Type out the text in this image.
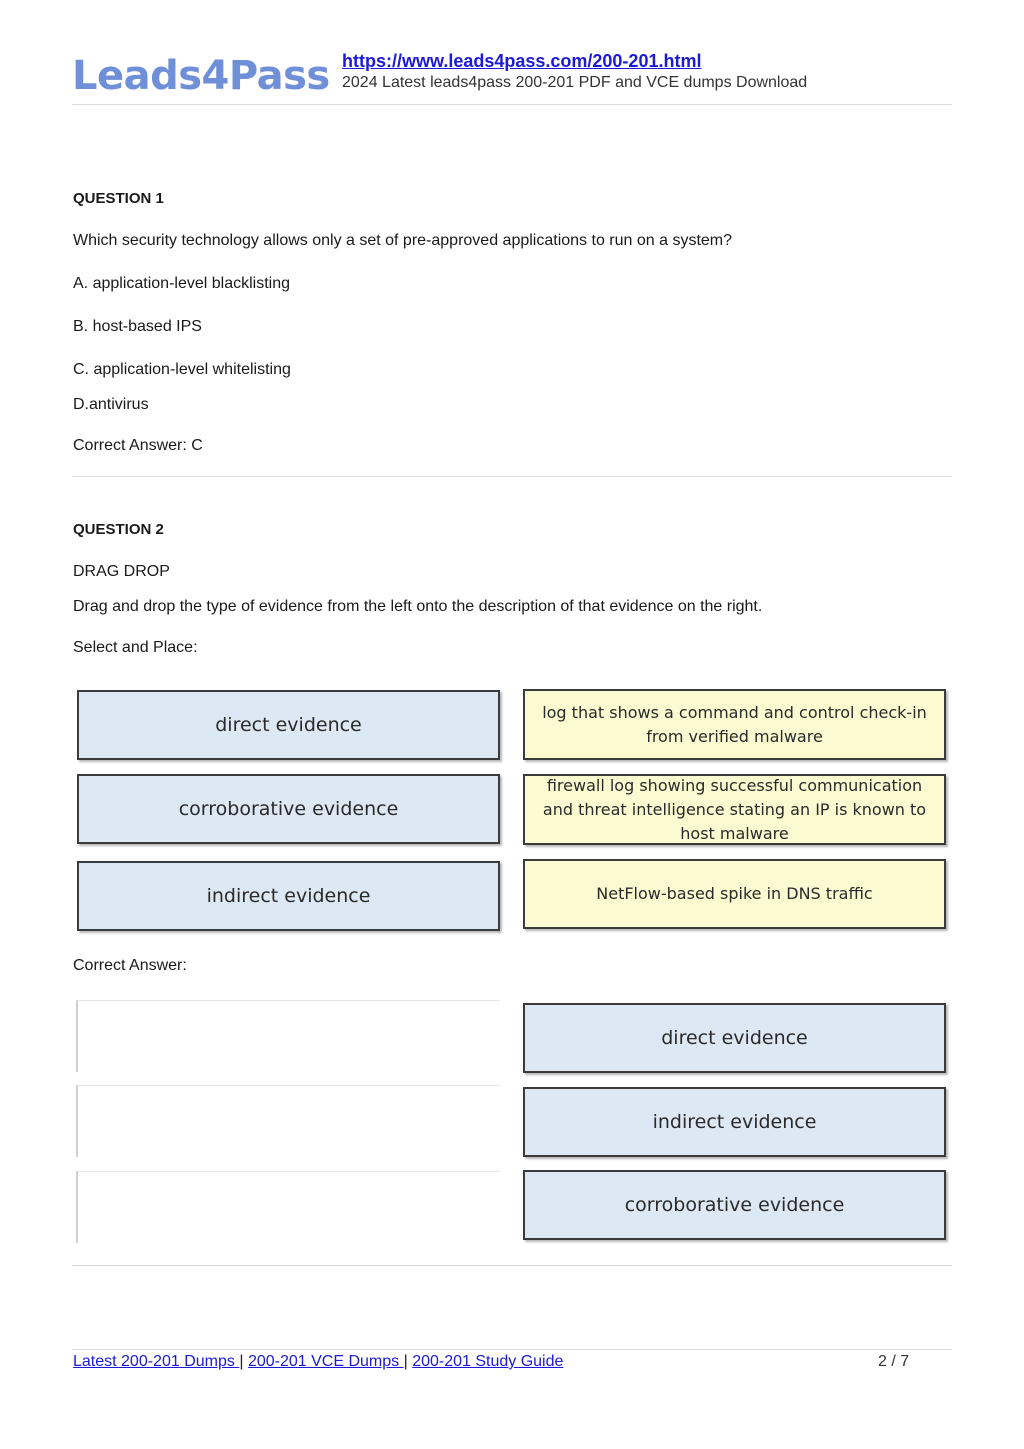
Leads4Pass https://www.leads4pass.com/200-201.html
2024 Latest leads4pass 200-201 PDF and VCE dumps Download
QUESTION 1
Which security technology allows only a set of pre-approved applications to run on a system?
A. application-level blacklisting
B. host-based IPS
C. application-level whitelisting
D.antivirus
Correct Answer: C
QUESTION 2
DRAG DROP
Drag and drop the type of evidence from the left onto the description of that evidence on the right.
Select and Place:
direct evidence
corroborative evidence
indirect evidence
log that shows a command and control check-in from verified malware
firewall log showing successful communication and threat intelligence stating an IP is known to host malware
NetFlow-based spike in DNS traffic
Correct Answer:
direct evidence
indirect evidence
corroborative evidence
Latest 200-201 Dumps | 200-201 VCE Dumps | 200-201 Study Guide	2 / 7
